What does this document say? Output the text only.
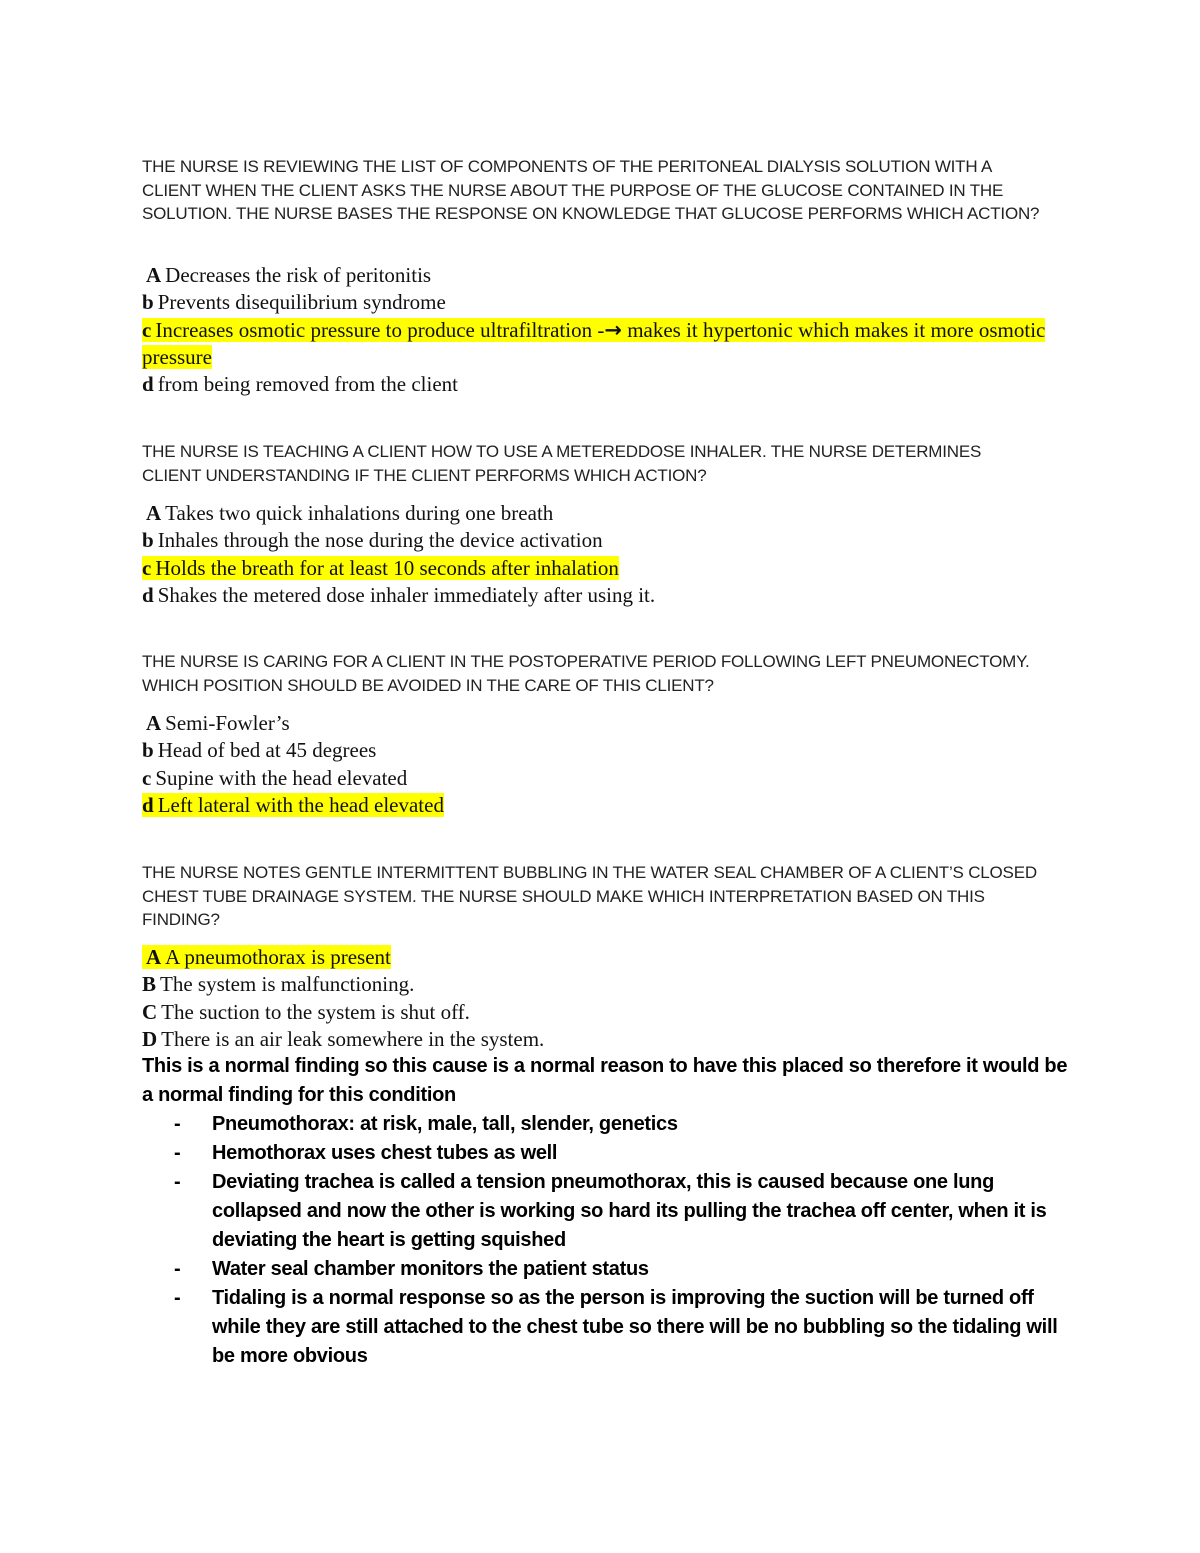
THE NURSE IS REVIEWING THE LIST OF COMPONENTS OF THE PERITONEAL DIALYSIS SOLUTION WITH A CLIENT WHEN THE CLIENT ASKS THE NURSE ABOUT THE PURPOSE OF THE GLUCOSE CONTAINED IN THE SOLUTION. THE NURSE BASES THE RESPONSE ON KNOWLEDGE THAT GLUCOSE PERFORMS WHICH ACTION?

A Decreases the risk of peritonitis
b Prevents disequilibrium syndrome
c Increases osmotic pressure to produce ultrafiltration -→ makes it hypertonic which makes it more osmotic pressure
d from being removed from the client

THE NURSE IS TEACHING A CLIENT HOW TO USE A METEREDDOSE INHALER. THE NURSE DETERMINES CLIENT UNDERSTANDING IF THE CLIENT PERFORMS WHICH ACTION?

A Takes two quick inhalations during one breath
b Inhales through the nose during the device activation
c Holds the breath for at least 10 seconds after inhalation
d Shakes the metered dose inhaler immediately after using it.

THE NURSE IS CARING FOR A CLIENT IN THE POSTOPERATIVE PERIOD FOLLOWING LEFT PNEUMONECTOMY. WHICH POSITION SHOULD BE AVOIDED IN THE CARE OF THIS CLIENT?

A Semi-Fowler’s
b Head of bed at 45 degrees
c Supine with the head elevated
d Left lateral with the head elevated

THE NURSE NOTES GENTLE INTERMITTENT BUBBLING IN THE WATER SEAL CHAMBER OF A CLIENT’S CLOSED CHEST TUBE DRAINAGE SYSTEM. THE NURSE SHOULD MAKE WHICH INTERPRETATION BASED ON THIS FINDING?

A A pneumothorax is present
B The system is malfunctioning.
C The suction to the system is shut off.
D There is an air leak somewhere in the system.

This is a normal finding so this cause is a normal reason to have this placed so therefore it would be a normal finding for this condition

- Pneumothorax: at risk, male, tall, slender, genetics
- Hemothorax uses chest tubes as well
- Deviating trachea is called a tension pneumothorax, this is caused because one lung collapsed and now the other is working so hard its pulling the trachea off center, when it is deviating the heart is getting squished
- Water seal chamber monitors the patient status
- Tidaling is a normal response so as the person is improving the suction will be turned off while they are still attached to the chest tube so there will be no bubbling so the tidaling will be more obvious
